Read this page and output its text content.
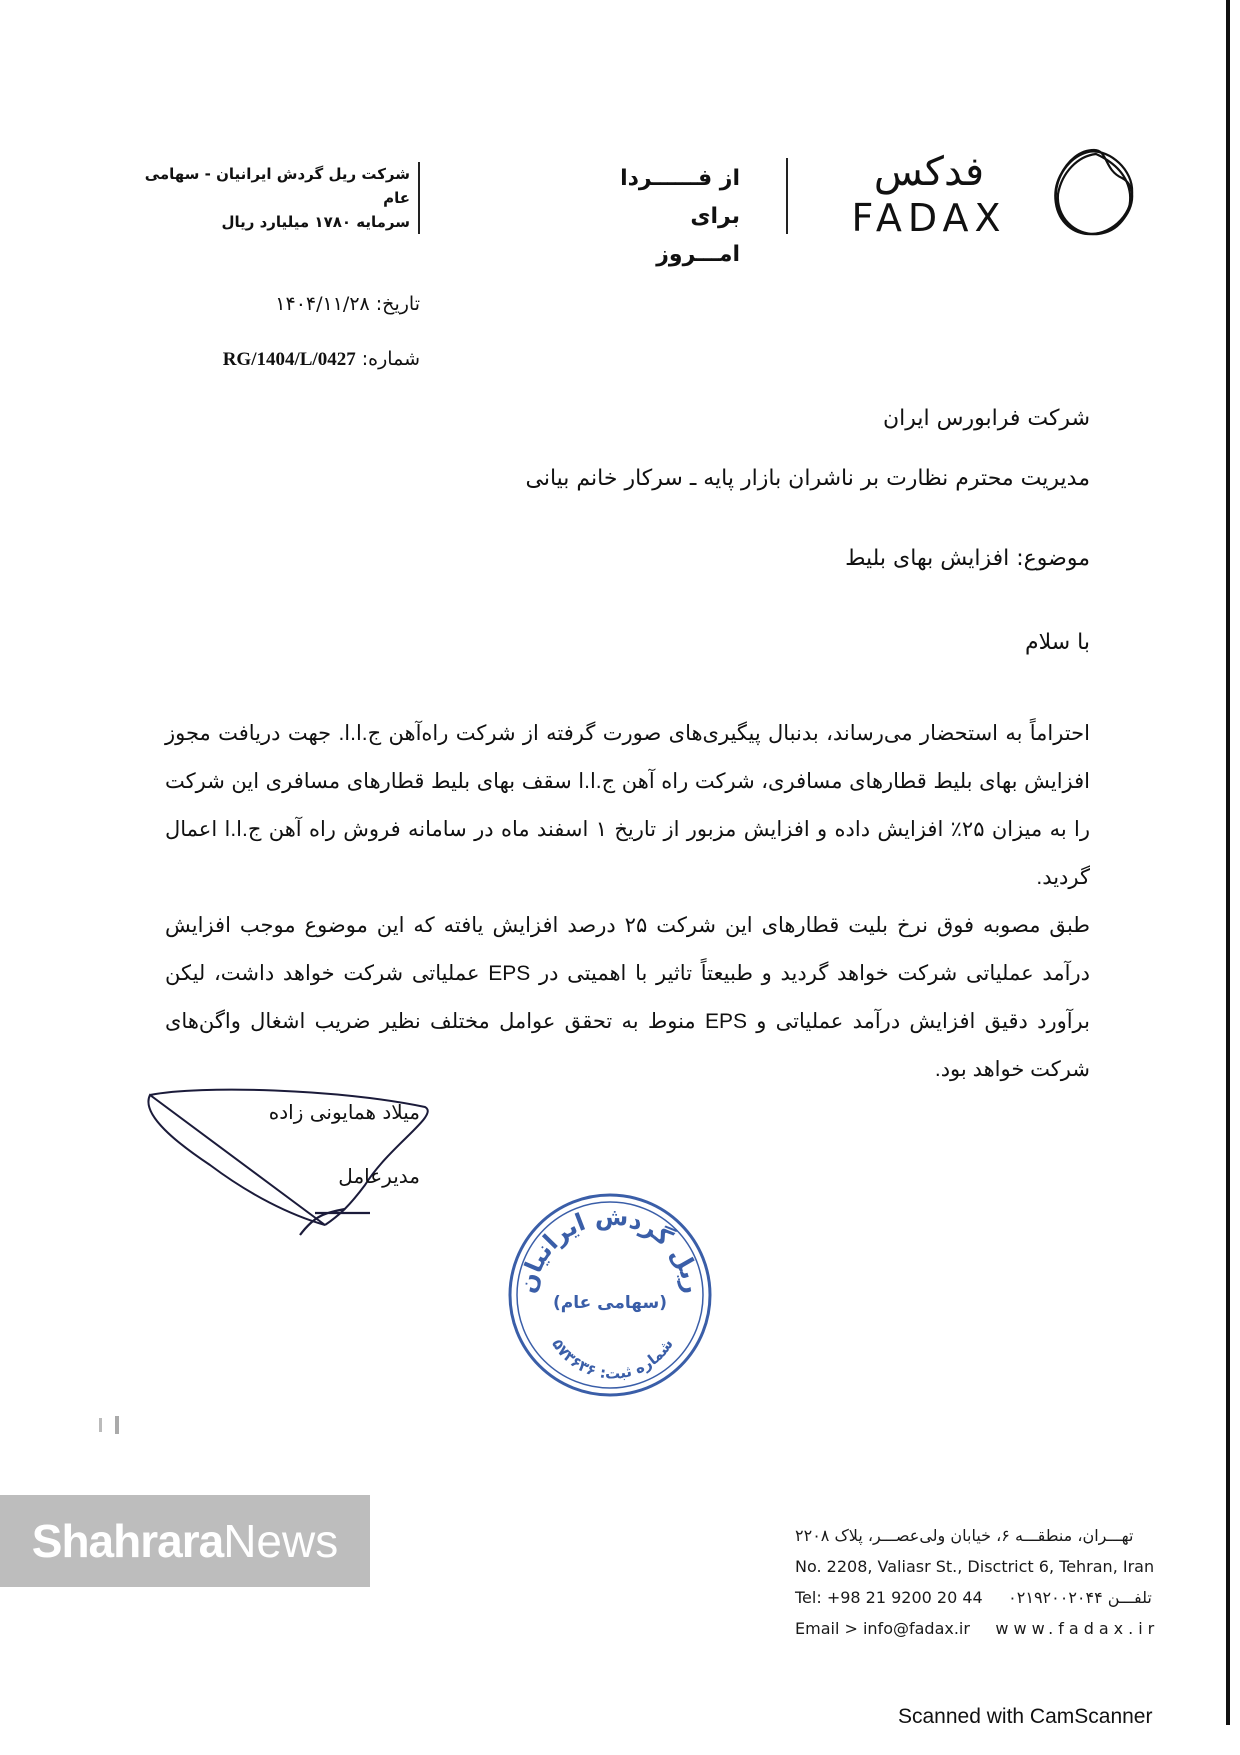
شرکت ریل گردش ایرانیان - سهامی عام
سرمایه ۱۷۸۰ میلیارد ریال
از فــــــردا
برای امـــروز
فدکس
FADAX
تاریخ: ۱۴۰۴/۱۱/۲۸
شماره: RG/1404/L/0427
شرکت فرابورس ایران
مدیریت محترم نظارت بر ناشران بازار پایه ـ سرکار خانم بیانی
موضوع: افزایش بهای بلیط
با سلام

احتراماً به استحضار می‌رساند، بدنبال پیگیری‌های صورت گرفته از شرکت راه‌آهن ج.ا.ا. جهت دریافت مجوز افزایش بهای بلیط قطارهای مسافری، شرکت راه آهن ج.ا.ا سقف بهای بلیط قطارهای مسافری این شرکت را به میزان ۲۵٪ افزایش داده و افزایش مزبور از تاریخ ۱ اسفند ماه در سامانه فروش راه آهن ج.ا.ا اعمال گردید.

طبق مصوبه فوق نرخ بلیت قطارهای این شرکت ۲۵ درصد افزایش یافته که این موضوع موجب افزایش درآمد عملیاتی شرکت خواهد گردید و طبیعتاً تاثیر با اهمیتی در EPS عملیاتی شرکت خواهد داشت، لیکن برآورد دقیق افزایش درآمد عملیاتی و EPS منوط به تحقق عوامل مختلف نظیر ضریب اشغال واگن‌های شرکت خواهد بود.

میلاد همایونی زاده
مدیرعامل
ریل گردش ایرانیان
(سهامی عام)
شماره ثبت: ۵۷۳۶۳۶
Shahrara News	تهـــران، منطقـــه ۶، خیابان ولی‌عصـــر، پلاک ۲۲۰۸
No. 2208, Valiasr St., Disctrict 6, Tehran, Iran
Tel: +98 21 9200 20 44 تلفـــن ۰۲۱۹۲۰۰۲۰۴۴
Email > info@fadax.ir www.fadax.ir
Scanned with CamScanner
